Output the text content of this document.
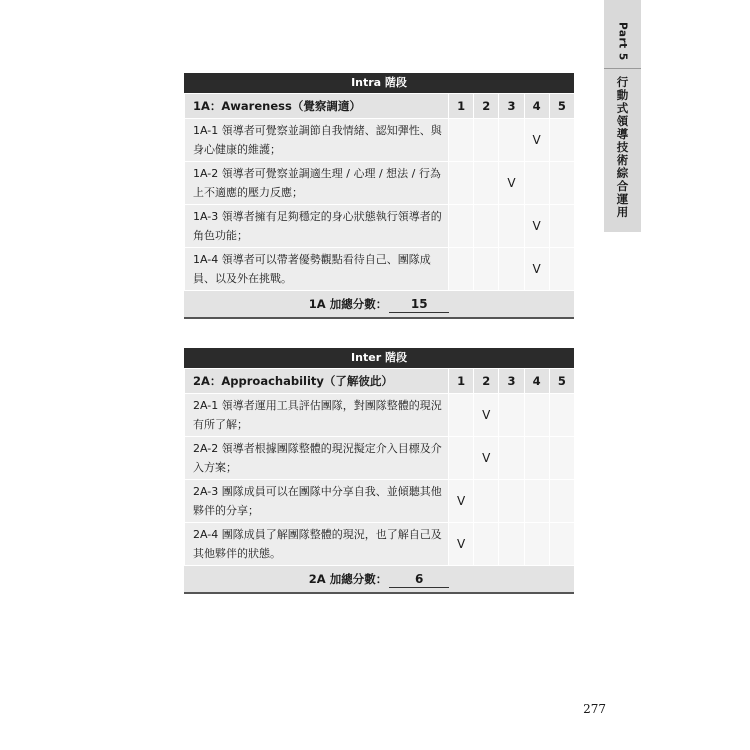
Part 5
行動式領導技術綜合運用
Intra 階段
1A：Awareness（覺察調適）	1	2	3	4	5
1A-1 領導者可覺察並調節自我情緒、認知彈性、與身心健康的維護；				V	
1A-2 領導者可覺察並調適生理 / 心理 / 想法 / 行為上不適應的壓力反應；			V		
1A-3 領導者擁有足夠穩定的身心狀態執行領導者的角色功能；				V	
1A-4 領導者可以帶著優勢觀點看待自己、團隊成員、以及外在挑戰。				V	
1A 加總分數： 15
Inter 階段
2A：Approachability（了解彼此）	1	2	3	4	5
2A-1 領導者運用工具評估團隊，對團隊整體的現況有所了解；		V			
2A-2 領導者根據團隊整體的現況擬定介入目標及介入方案；		V			
2A-3 團隊成員可以在團隊中分享自我、並傾聽其他夥伴的分享；	V				
2A-4 團隊成員了解團隊整體的現況，也了解自己及其他夥伴的狀態。	V				
2A 加總分數： 6
277
